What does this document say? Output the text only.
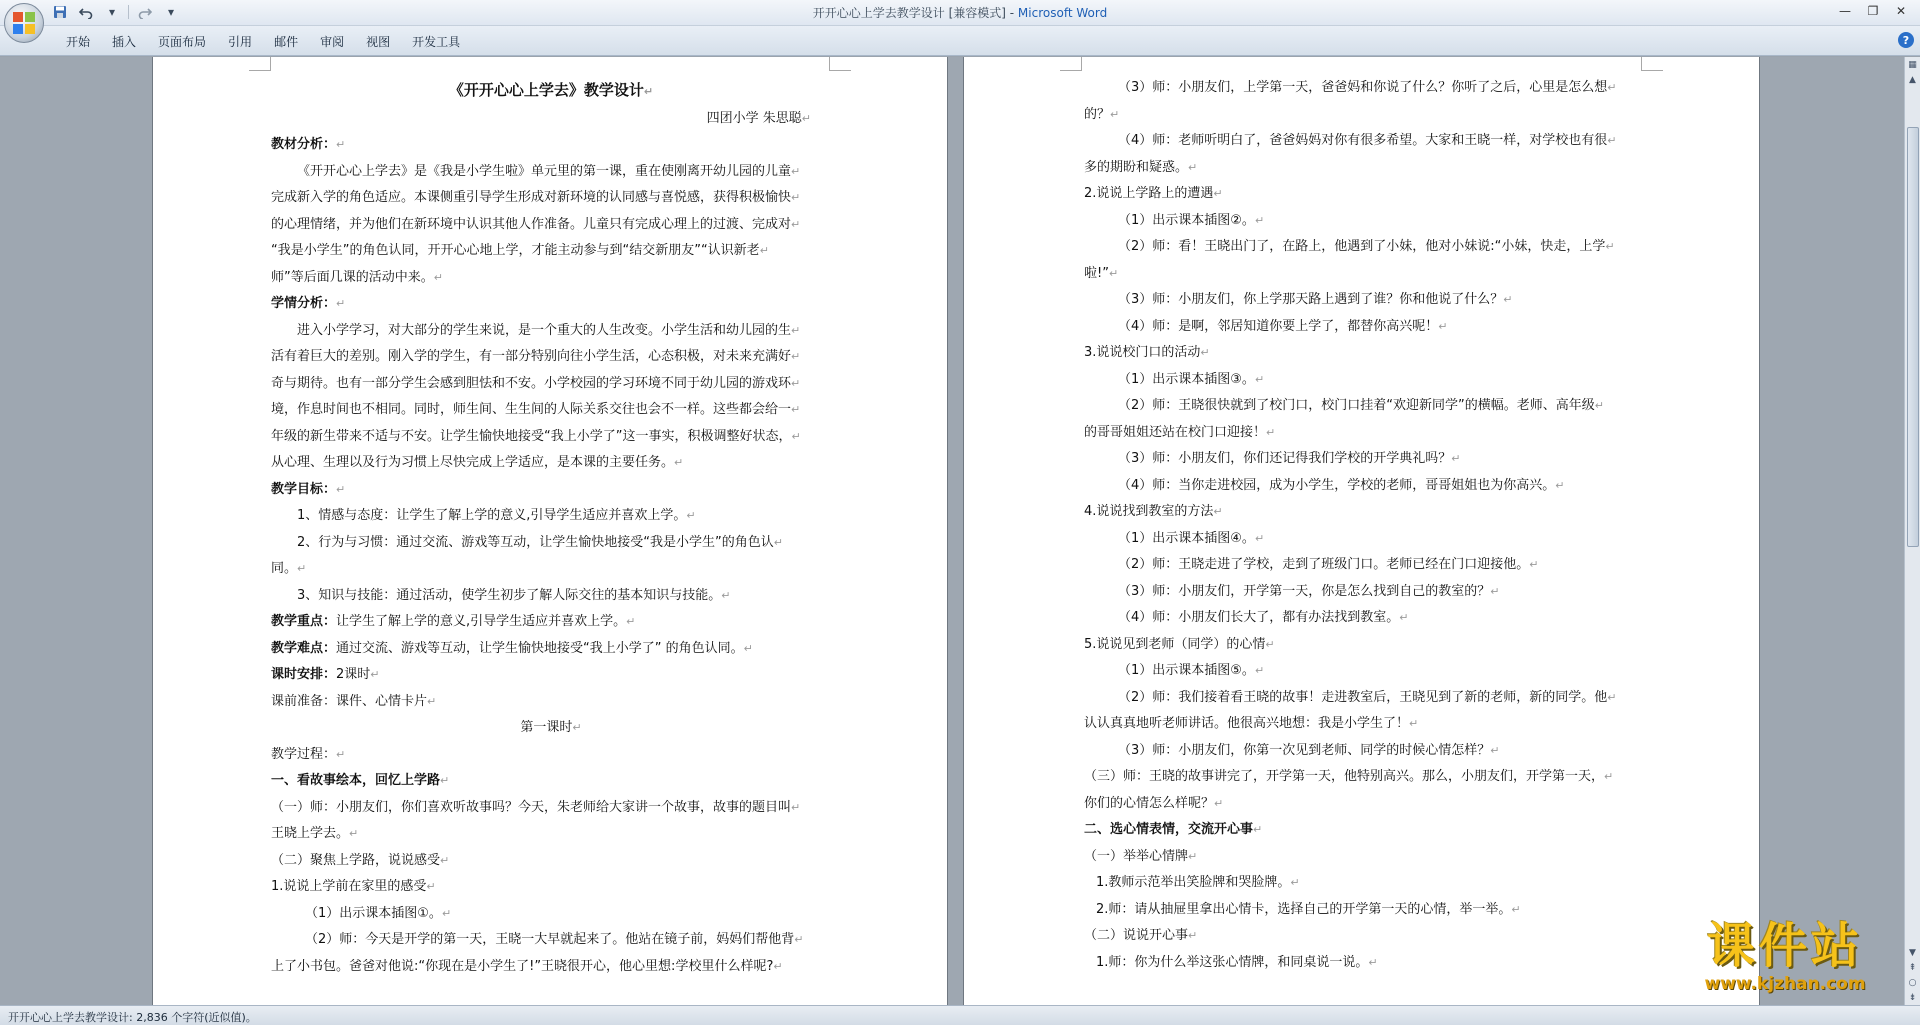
▾	▾	开开心心上学去教学设计 [兼容模式] - Microsoft Word	—	❐	✕
开始	插入	页面布局	引用	邮件	审阅	视图	开发工具	?
《开开心心上学去》教学设计↵
四团小学 朱思聪↵
教材分析：↵
《开开心心上学去》是《我是小学生啦》单元里的第一课，重在使刚离开幼儿园的儿童↵
完成新入学的角色适应。本课侧重引导学生形成对新环境的认同感与喜悦感，获得积极愉快↵
的心理情绪，并为他们在新环境中认识其他人作准备。儿童只有完成心理上的过渡、完成对↵
“我是小学生”的角色认同，开开心心地上学，才能主动参与到“结交新朋友”“认识新老↵
师”等后面几课的活动中来。↵
学情分析：↵
进入小学学习，对大部分的学生来说，是一个重大的人生改变。小学生活和幼儿园的生↵
活有着巨大的差别。刚入学的学生，有一部分特别向往小学生活，心态积极，对未来充满好↵
奇与期待。也有一部分学生会感到胆怯和不安。小学校园的学习环境不同于幼儿园的游戏环↵
境，作息时间也不相同。同时，师生间、生生间的人际关系交往也会不一样。这些都会给一↵
年级的新生带来不适与不安。让学生愉快地接受“我上小学了”这一事实，积极调整好状态，↵
从心理、生理以及行为习惯上尽快完成上学适应，是本课的主要任务。↵
教学目标：↵
1、情感与态度：让学生了解上学的意义,引导学生适应并喜欢上学。↵
2、行为与习惯：通过交流、游戏等互动，让学生愉快地接受“我是小学生”的角色认↵
同。↵
3、知识与技能：通过活动，使学生初步了解人际交往的基本知识与技能。↵
教学重点：让学生了解上学的意义,引导学生适应并喜欢上学。↵
教学难点：通过交流、游戏等互动，让学生愉快地接受“我上小学了” 的角色认同。↵
课时安排：2课时↵
课前准备：课件、心情卡片↵
第一课时↵
教学过程：↵
一、看故事绘本，回忆上学路↵
（一）师：小朋友们，你们喜欢听故事吗？今天，朱老师给大家讲一个故事，故事的题目叫↵
王晓上学去。↵
（二）聚焦上学路，说说感受↵
1.说说上学前在家里的感受↵
（1）出示课本插图①。↵
（2）师：今天是开学的第一天，王晓一大早就起来了。他站在镜子前，妈妈们帮他背↵
上了小书包。爸爸对他说:“你现在是小学生了!”王晓很开心，他心里想:学校里什么样呢?↵
（3）师：小朋友们，上学第一天，爸爸妈和你说了什么？你听了之后，心里是怎么想↵
的？↵
（4）师：老师听明白了，爸爸妈妈对你有很多希望。大家和王晓一样，对学校也有很↵
多的期盼和疑惑。↵
2.说说上学路上的遭遇↵
（1）出示课本插图②。↵
（2）师：看！王晓出门了，在路上，他遇到了小妹，他对小妹说:“小妹，快走，上学↵
啦!”↵
（3）师：小朋友们，你上学那天路上遇到了谁？你和他说了什么？↵
（4）师：是啊，邻居知道你要上学了，都替你高兴呢！↵
3.说说校门口的活动↵
（1）出示课本插图③。↵
（2）师：王晓很快就到了校门口，校门口挂着“欢迎新同学”的横幅。老师、高年级↵
的哥哥姐姐还站在校门口迎接！↵
（3）师：小朋友们，你们还记得我们学校的开学典礼吗？↵
（4）师：当你走进校园，成为小学生，学校的老师，哥哥姐姐也为你高兴。↵
4.说说找到教室的方法↵
（1）出示课本插图④。↵
（2）师：王晓走进了学校，走到了班级门口。老师已经在门口迎接他。↵
（3）师：小朋友们，开学第一天，你是怎么找到自己的教室的？↵
（4）师：小朋友们长大了，都有办法找到教室。↵
5.说说见到老师（同学）的心情↵
（1）出示课本插图⑤。↵
（2）师：我们接着看王晓的故事！走进教室后，王晓见到了新的老师，新的同学。他↵
认认真真地听老师讲话。他很高兴地想：我是小学生了！↵
（3）师：小朋友们，你第一次见到老师、同学的时候心情怎样？↵
（三）师：王晓的故事讲完了，开学第一天，他特别高兴。那么，小朋友们，开学第一天，↵
你们的心情怎么样呢？↵
二、选心情表情，交流开心事↵
（一）举举心情牌↵
1.教师示范举出笑脸牌和哭脸牌。↵
2.师：请从抽屉里拿出心情卡，选择自己的开学第一天的心情，举一举。↵
（二）说说开心事↵
1.师：你为什么举这张心情牌，和同桌说一说。↵
▦
▲
▼
⇞
○
⇟
开开心心上学去教学设计: 2,836 个字符(近似值)。
课件站
www.kjzhan.com
